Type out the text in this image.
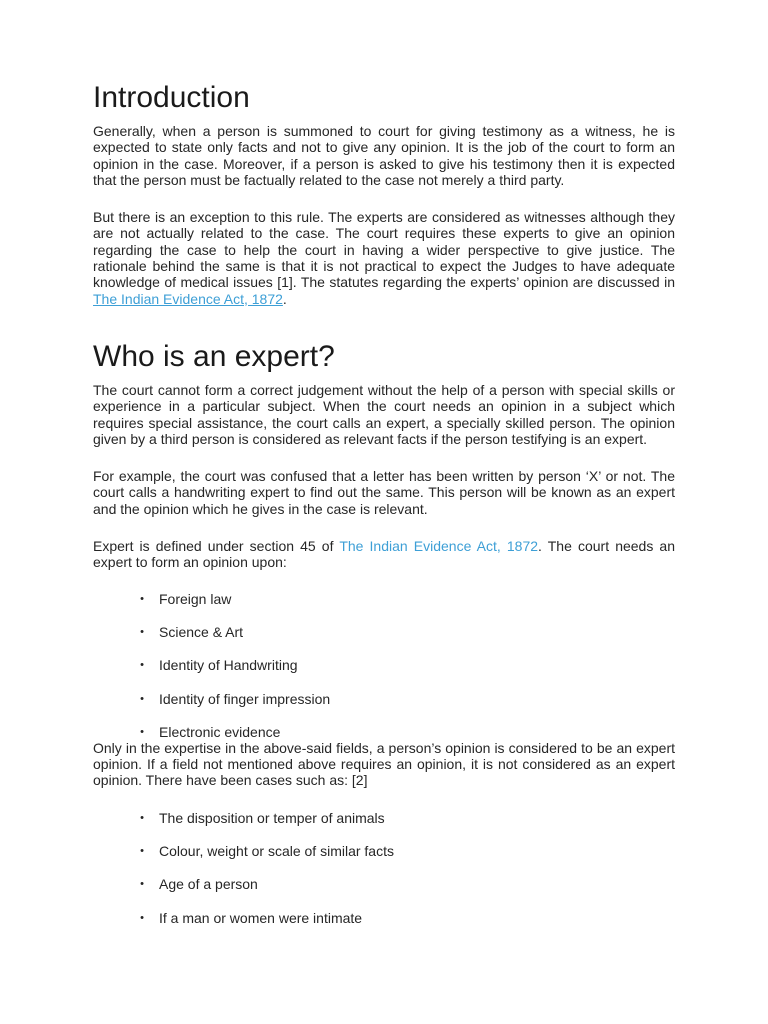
Introduction

Generally, when a person is summoned to court for giving testimony as a witness, he is expected to state only facts and not to give any opinion. It is the job of the court to form an opinion in the case. Moreover, if a person is asked to give his testimony then it is expected that the person must be factually related to the case not merely a third party.

But there is an exception to this rule. The experts are considered as witnesses although they are not actually related to the case. The court requires these experts to give an opinion regarding the case to help the court in having a wider perspective to give justice. The rationale behind the same is that it is not practical to expect the Judges to have adequate knowledge of medical issues [1]. The statutes regarding the experts’ opinion are discussed in The Indian Evidence Act, 1872.

Who is an expert?

The court cannot form a correct judgement without the help of a person with special skills or experience in a particular subject. When the court needs an opinion in a subject which requires special assistance, the court calls an expert, a specially skilled person. The opinion given by a third person is considered as relevant facts if the person testifying is an expert.

For example, the court was confused that a letter has been written by person ‘X’ or not. The court calls a handwriting expert to find out the same. This person will be known as an expert and the opinion which he gives in the case is relevant.

Expert is defined under section 45 of The Indian Evidence Act, 1872. The court needs an expert to form an opinion upon:

• Foreign law
• Science & Art
• Identity of Handwriting
• Identity of finger impression
• Electronic evidence

Only in the expertise in the above-said fields, a person’s opinion is considered to be an expert opinion. If a field not mentioned above requires an opinion, it is not considered as an expert opinion. There have been cases such as: [2]

• The disposition or temper of animals
• Colour, weight or scale of similar facts
• Age of a person
• If a man or women were intimate
